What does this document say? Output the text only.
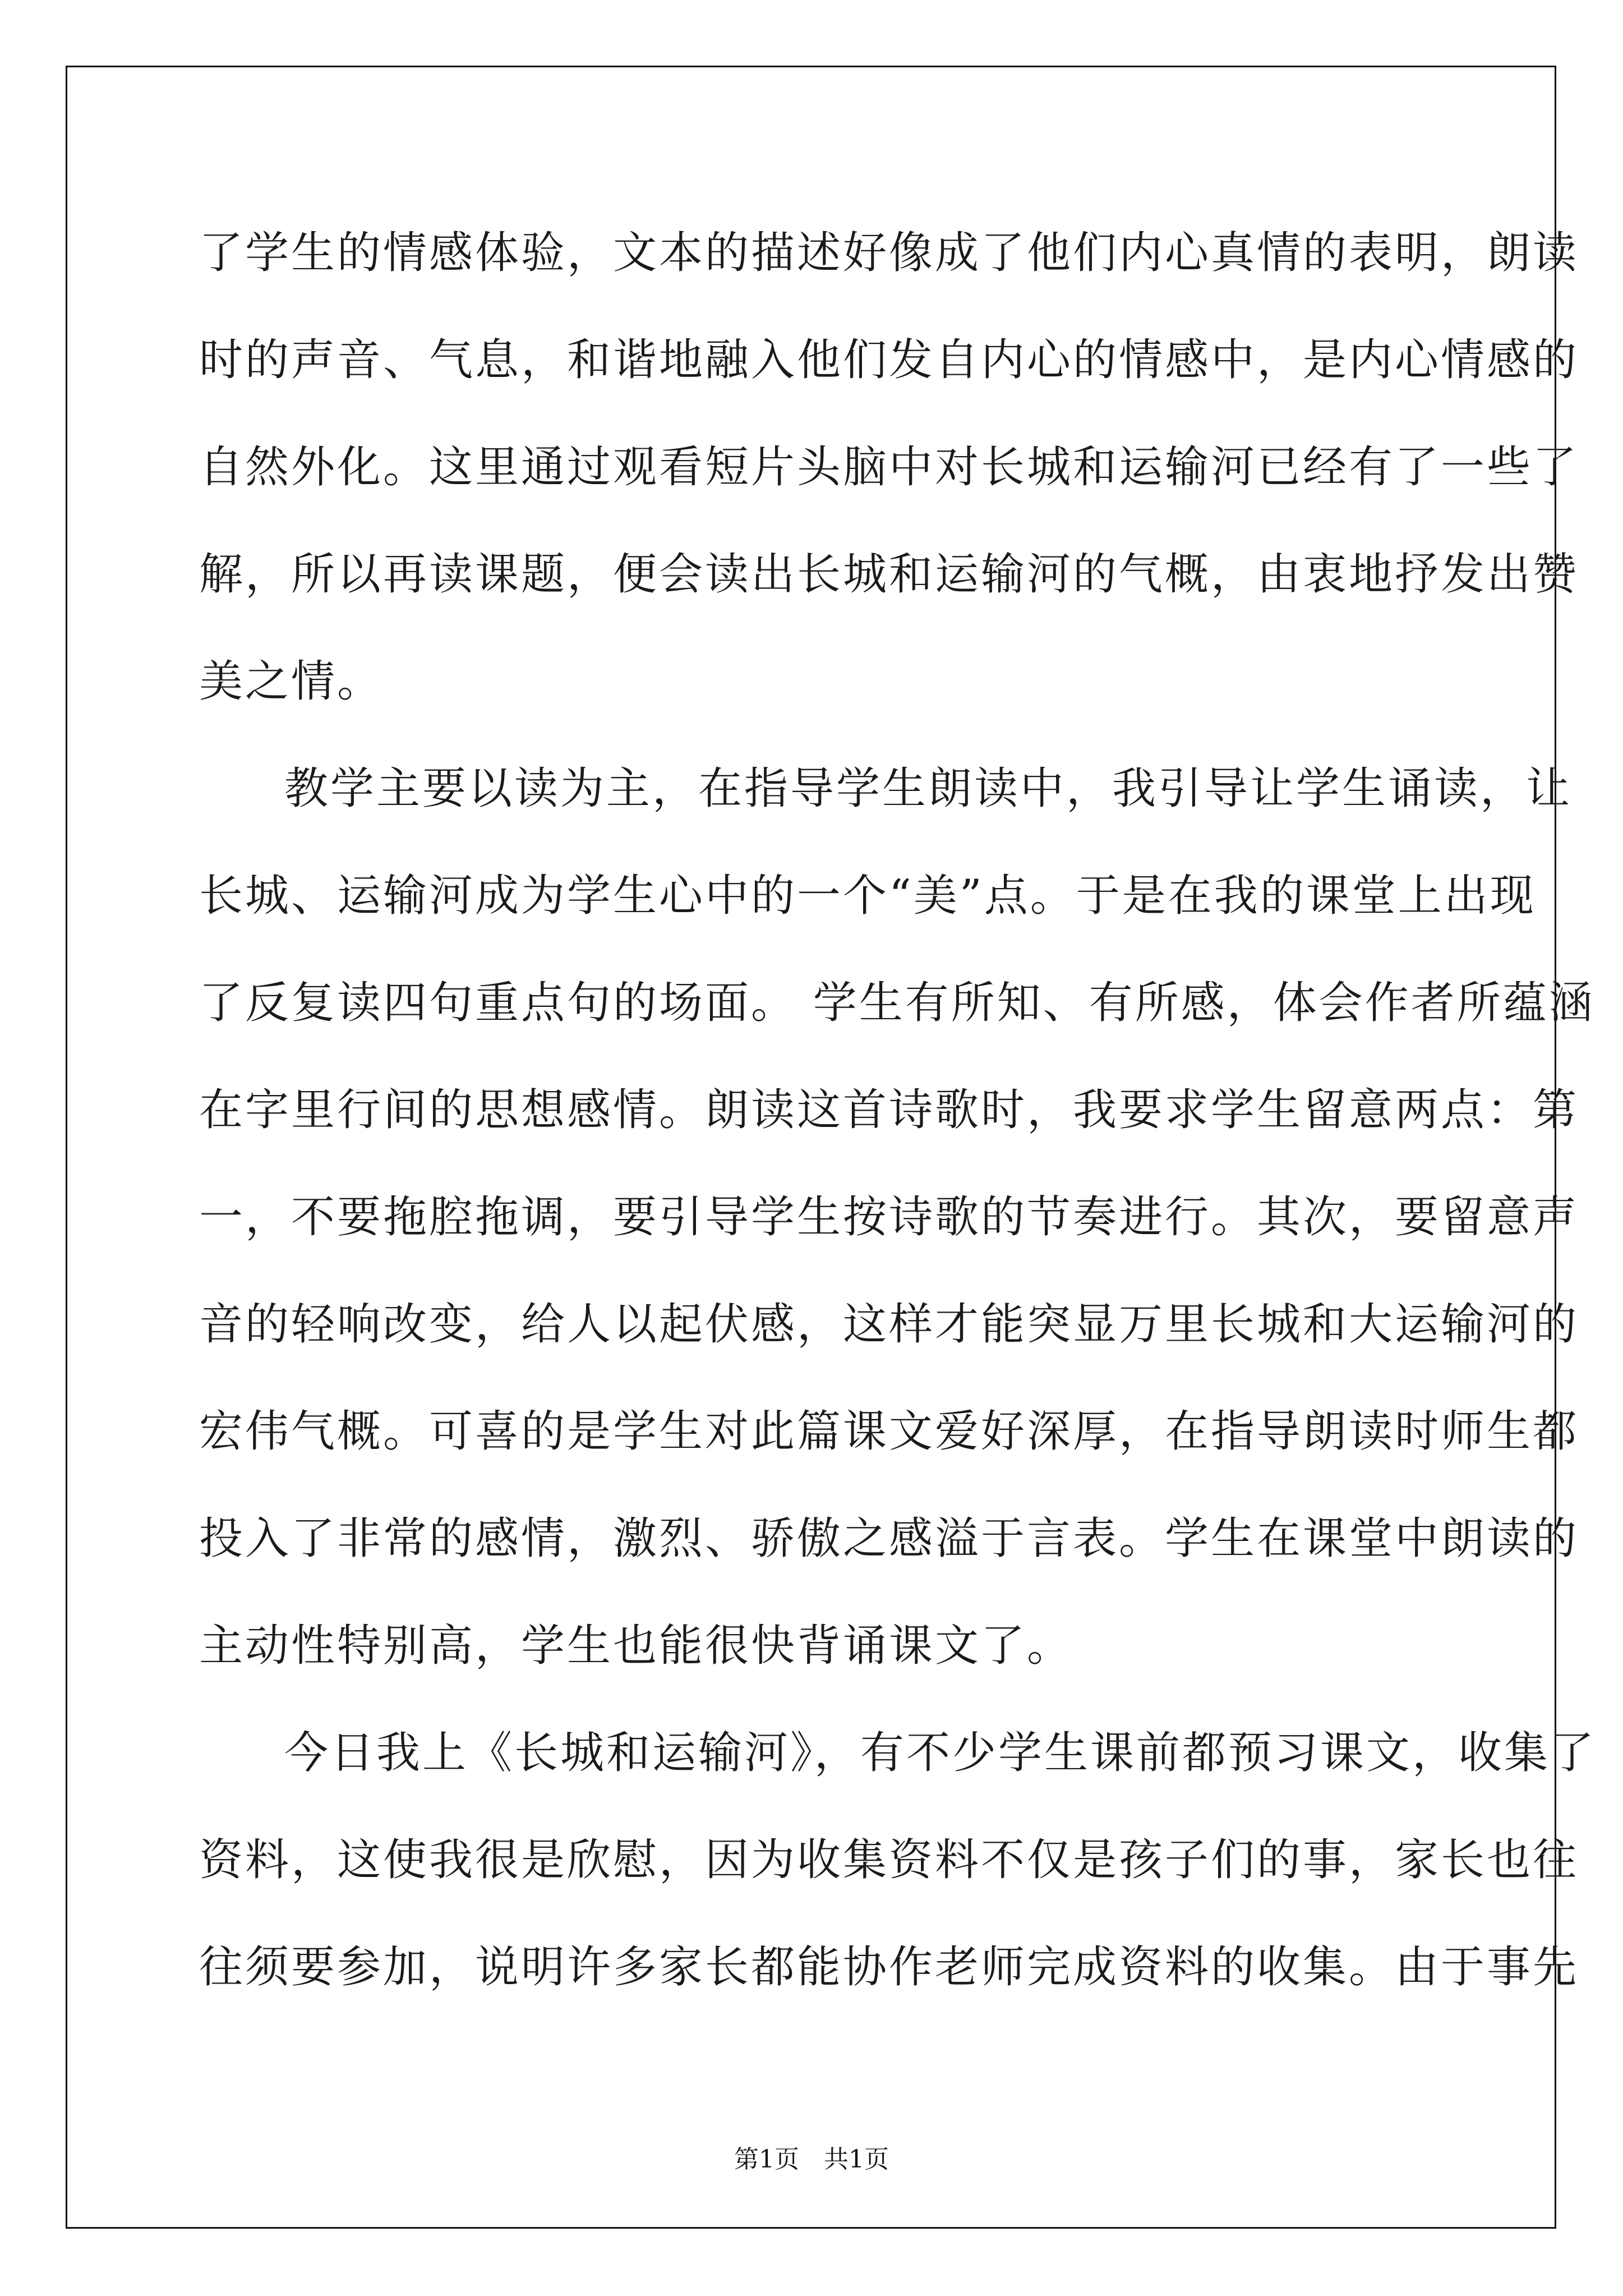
了学生的情感体验，文本的描述好像成了他们内心真情的表明，朗读
时的声音、气息，和谐地融入他们发自内心的情感中，是内心情感的
自然外化。这里通过观看短片头脑中对长城和运输河已经有了一些了
解，所以再读课题，便会读出长城和运输河的气概，由衷地抒发出赞
美之情。
教学主要以读为主，在指导学生朗读中，我引导让学生诵读，让
长城、运输河成为学生心中的一个“美”点。于是在我的课堂上出现
了反复读四句重点句的场面。 学生有所知、有所感，体会作者所蕴涵
在字里行间的思想感情。朗读这首诗歌时，我要求学生留意两点：第
一，不要拖腔拖调，要引导学生按诗歌的节奏进行。其次，要留意声
音的轻响改变，给人以起伏感，这样才能突显万里长城和大运输河的
宏伟气概。可喜的是学生对此篇课文爱好深厚，在指导朗读时师生都
投入了非常的感情，激烈、骄傲之感溢于言表。学生在课堂中朗读的
主动性特别高，学生也能很快背诵课文了。
今日我上《长城和运输河》，有不少学生课前都预习课文，收集了
资料，这使我很是欣慰，因为收集资料不仅是孩子们的事，家长也往
往须要参加，说明许多家长都能协作老师完成资料的收集。由于事先
第1页　共1页
